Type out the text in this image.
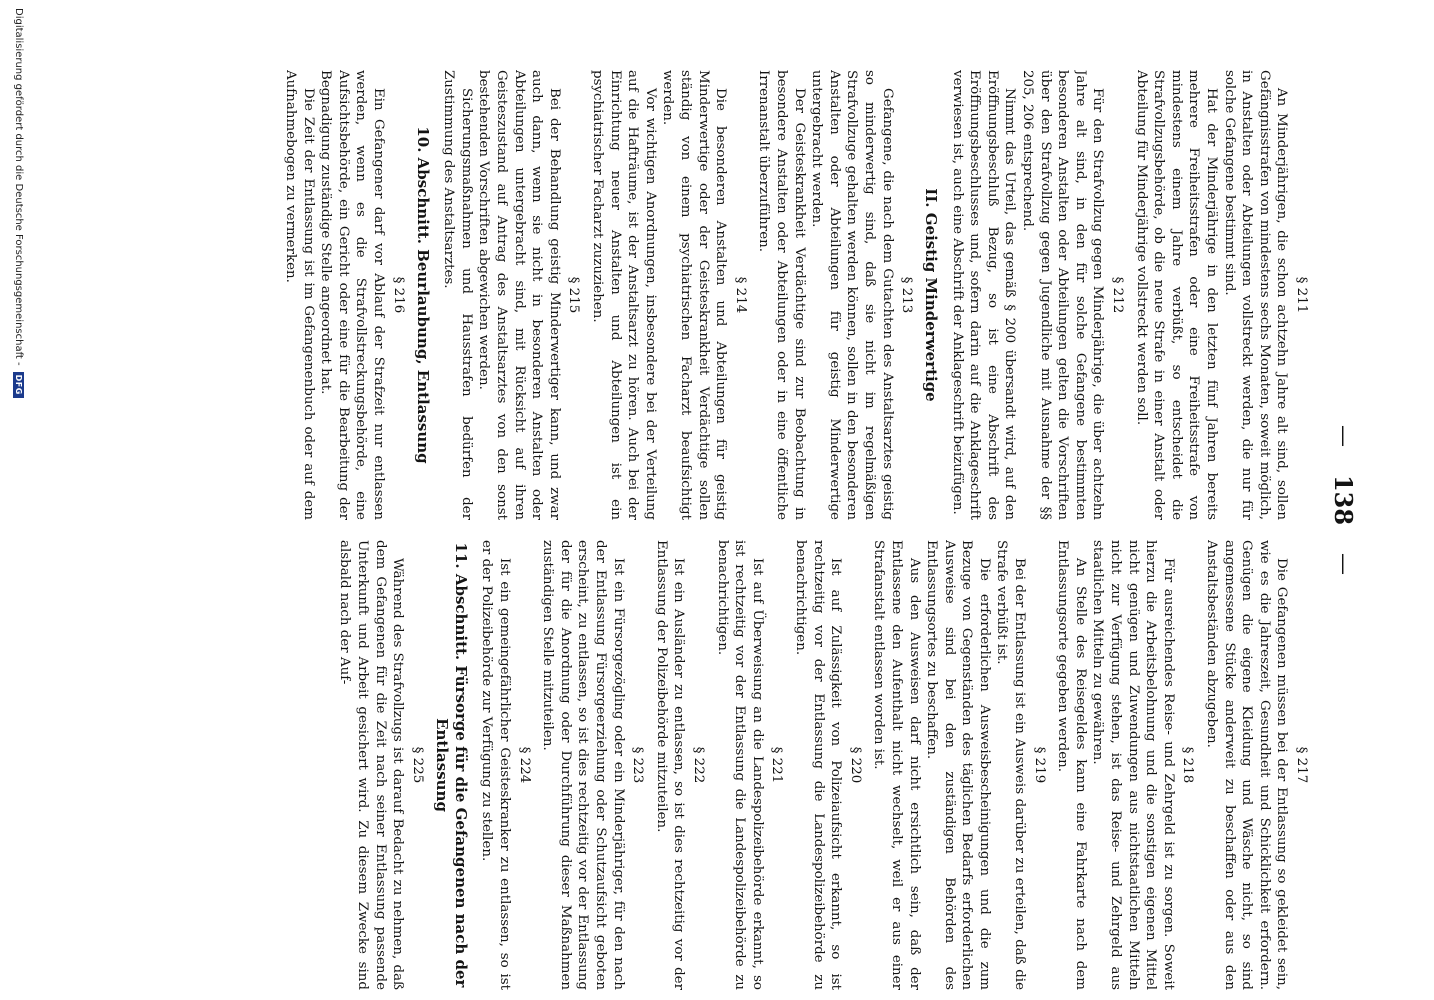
—
138
—
§ 211

An Minderjährigen, die schon achtzehn Jahre alt sind, sollen Gefängnisstrafen von mindestens sechs Monaten, soweit möglich, in Anstalten oder Abteilungen vollstreckt werden, die nur für solche Gefangene bestimmt sind.

Hat der Minderjährige in den letzten fünf Jahren bereits mehrere Freiheitsstrafen oder eine Freiheitsstrafe von mindestens einem Jahre verbüßt, so entscheidet die Strafvollzugsbehörde, ob die neue Strafe in einer Anstalt oder Abteilung für Minderjährige vollstreckt werden soll.

§ 212

Für den Strafvollzug gegen Minderjährige, die über achtzehn Jahre alt sind, in den für solche Gefangene bestimmten besonderen Anstalten oder Abteilungen gelten die Vorschriften über den Strafvollzug gegen Jugendliche mit Ausnahme der §§ 205, 206 entsprechend.

Nimmt das Urteil, das gemäß § 200 übersandt wird, auf den Eröffnungsbeschluß Bezug, so ist eine Abschrift des Eröffnungsbeschlusses und, sofern darin auf die Anklageschrift verwiesen ist, auch eine Abschrift der Anklageschrift beizufügen.

II. Geistig Minderwertige
§ 213

Gefangene, die nach dem Gutachten des Anstaltsarztes geistig so minderwertig sind, daß sie nicht im regelmäßigen Strafvollzuge gehalten werden können, sollen in den besonderen Anstalten oder Abteilungen für geistig Minderwertige untergebracht werden.

Der Geisteskrankheit Verdächtige sind zur Beobachtung in besondere Anstalten oder Abteilungen oder in eine öffentliche Irrenanstalt überzuführen.

§ 214

Die besonderen Anstalten und Abteilungen für geistig Minderwertige oder der Geisteskrankheit Verdächtige sollen ständig von einem psychiatrischen Facharzt beaufsichtigt werden.

Vor wichtigen Anordnungen, insbesondere bei der Verteilung auf die Hafträume, ist der Anstaltsarzt zu hören. Auch bei der Einrichtung neuer Anstalten und Abteilungen ist ein psychiatrischer Facharzt zuzuziehen.

§ 215

Bei der Behandlung geistig Minderwertiger kann, und zwar auch dann, wenn sie nicht in besonderen Anstalten oder Abteilungen untergebracht sind, mit Rücksicht auf ihren Geisteszustand auf Antrag des Anstaltsarztes von den sonst bestehenden Vorschriften abgewichen werden.

Sicherungsmaßnahmen und Hausstrafen bedürfen der Zustimmung des Anstaltsarztes.

10. Abschnitt. Beurlaubung, Entlassung
§ 216

Ein Gefangener darf vor Ablauf der Strafzeit nur entlassen werden, wenn es die Strafvollstreckungsbehörde, eine Aufsichtsbehörde, ein Gericht oder eine für die Bearbeitung der Begnadigung zuständige Stelle angeordnet hat.

Die Zeit der Entlassung ist im Gefangenenbuch oder auf dem Aufnahmebogen zu vermerken.

§ 217

Die Gefangenen müssen bei der Entlassung so gekleidet sein, wie es die Jahreszeit, Gesundheit und Schicklichkeit erfordern. Genügen die eigene Kleidung und Wäsche nicht, so sind angemessene Stücke anderweit zu beschaffen oder aus den Anstaltsbeständen abzugeben.

§ 218

Für ausreichendes Reise- und Zehrgeld ist zu sorgen. Soweit hierzu die Arbeitsbelohnung und die sonstigen eigenen Mittel nicht genügen und Zuwendungen aus nichtstaatlichen Mitteln nicht zur Verfügung stehen, ist das Reise- und Zehrgeld aus staatlichen Mitteln zu gewähren.

An Stelle des Reisegeldes kann eine Fahrkarte nach dem Entlassungsorte gegeben werden.

§ 219

Bei der Entlassung ist ein Ausweis darüber zu erteilen, daß die Strafe verbüßt ist.

Die erforderlichen Ausweisbescheinigungen und die zum Bezuge von Gegenständen des täglichen Bedarfs erforderlichen Ausweise sind bei den zuständigen Behörden des Entlassungsortes zu beschaffen.

Aus den Ausweisen darf nicht ersichtlich sein, daß der Entlassene den Aufenthalt nicht wechselt, weil er aus einer Strafanstalt entlassen worden ist.

§ 220

Ist auf Zulässigkeit von Polizeiaufsicht erkannt, so ist rechtzeitig vor der Entlassung die Landespolizeibehörde zu benachrichtigen.

§ 221

Ist auf Überweisung an die Landespolizeibehörde erkannt, so ist rechtzeitig vor der Entlassung die Landespolizeibehörde zu benachrichtigen.

§ 222

Ist ein Ausländer zu entlassen, so ist dies rechtzeitig vor der Entlassung der Polizeibehörde mitzuteilen.

§ 223

Ist ein Fürsorgezögling oder ein Minderjähriger, für den nach der Entlassung Fürsorgeerziehung oder Schutzaufsicht geboten erscheint, zu entlassen, so ist dies rechtzeitig vor der Entlassung der für die Anordnung oder Durchführung dieser Maßnahmen zuständigen Stelle mitzuteilen.

§ 224

Ist ein gemeingefährlicher Geisteskranker zu entlassen, so ist er der Polizeibehörde zur Verfügung zu stellen.

11. Abschnitt. Fürsorge für die Gefangenen nach der Entlassung
§ 225

Während des Strafvollzugs ist darauf Bedacht zu nehmen, daß dem Gefangenen für die Zeit nach seiner Entlassung passende Unterkunft und Arbeit gesichert wird. Zu diesem Zwecke sind alsbald nach der Auf-

Digitalisierung gefördert durch die Deutsche Forschungsgemeinschaft -
DFG
